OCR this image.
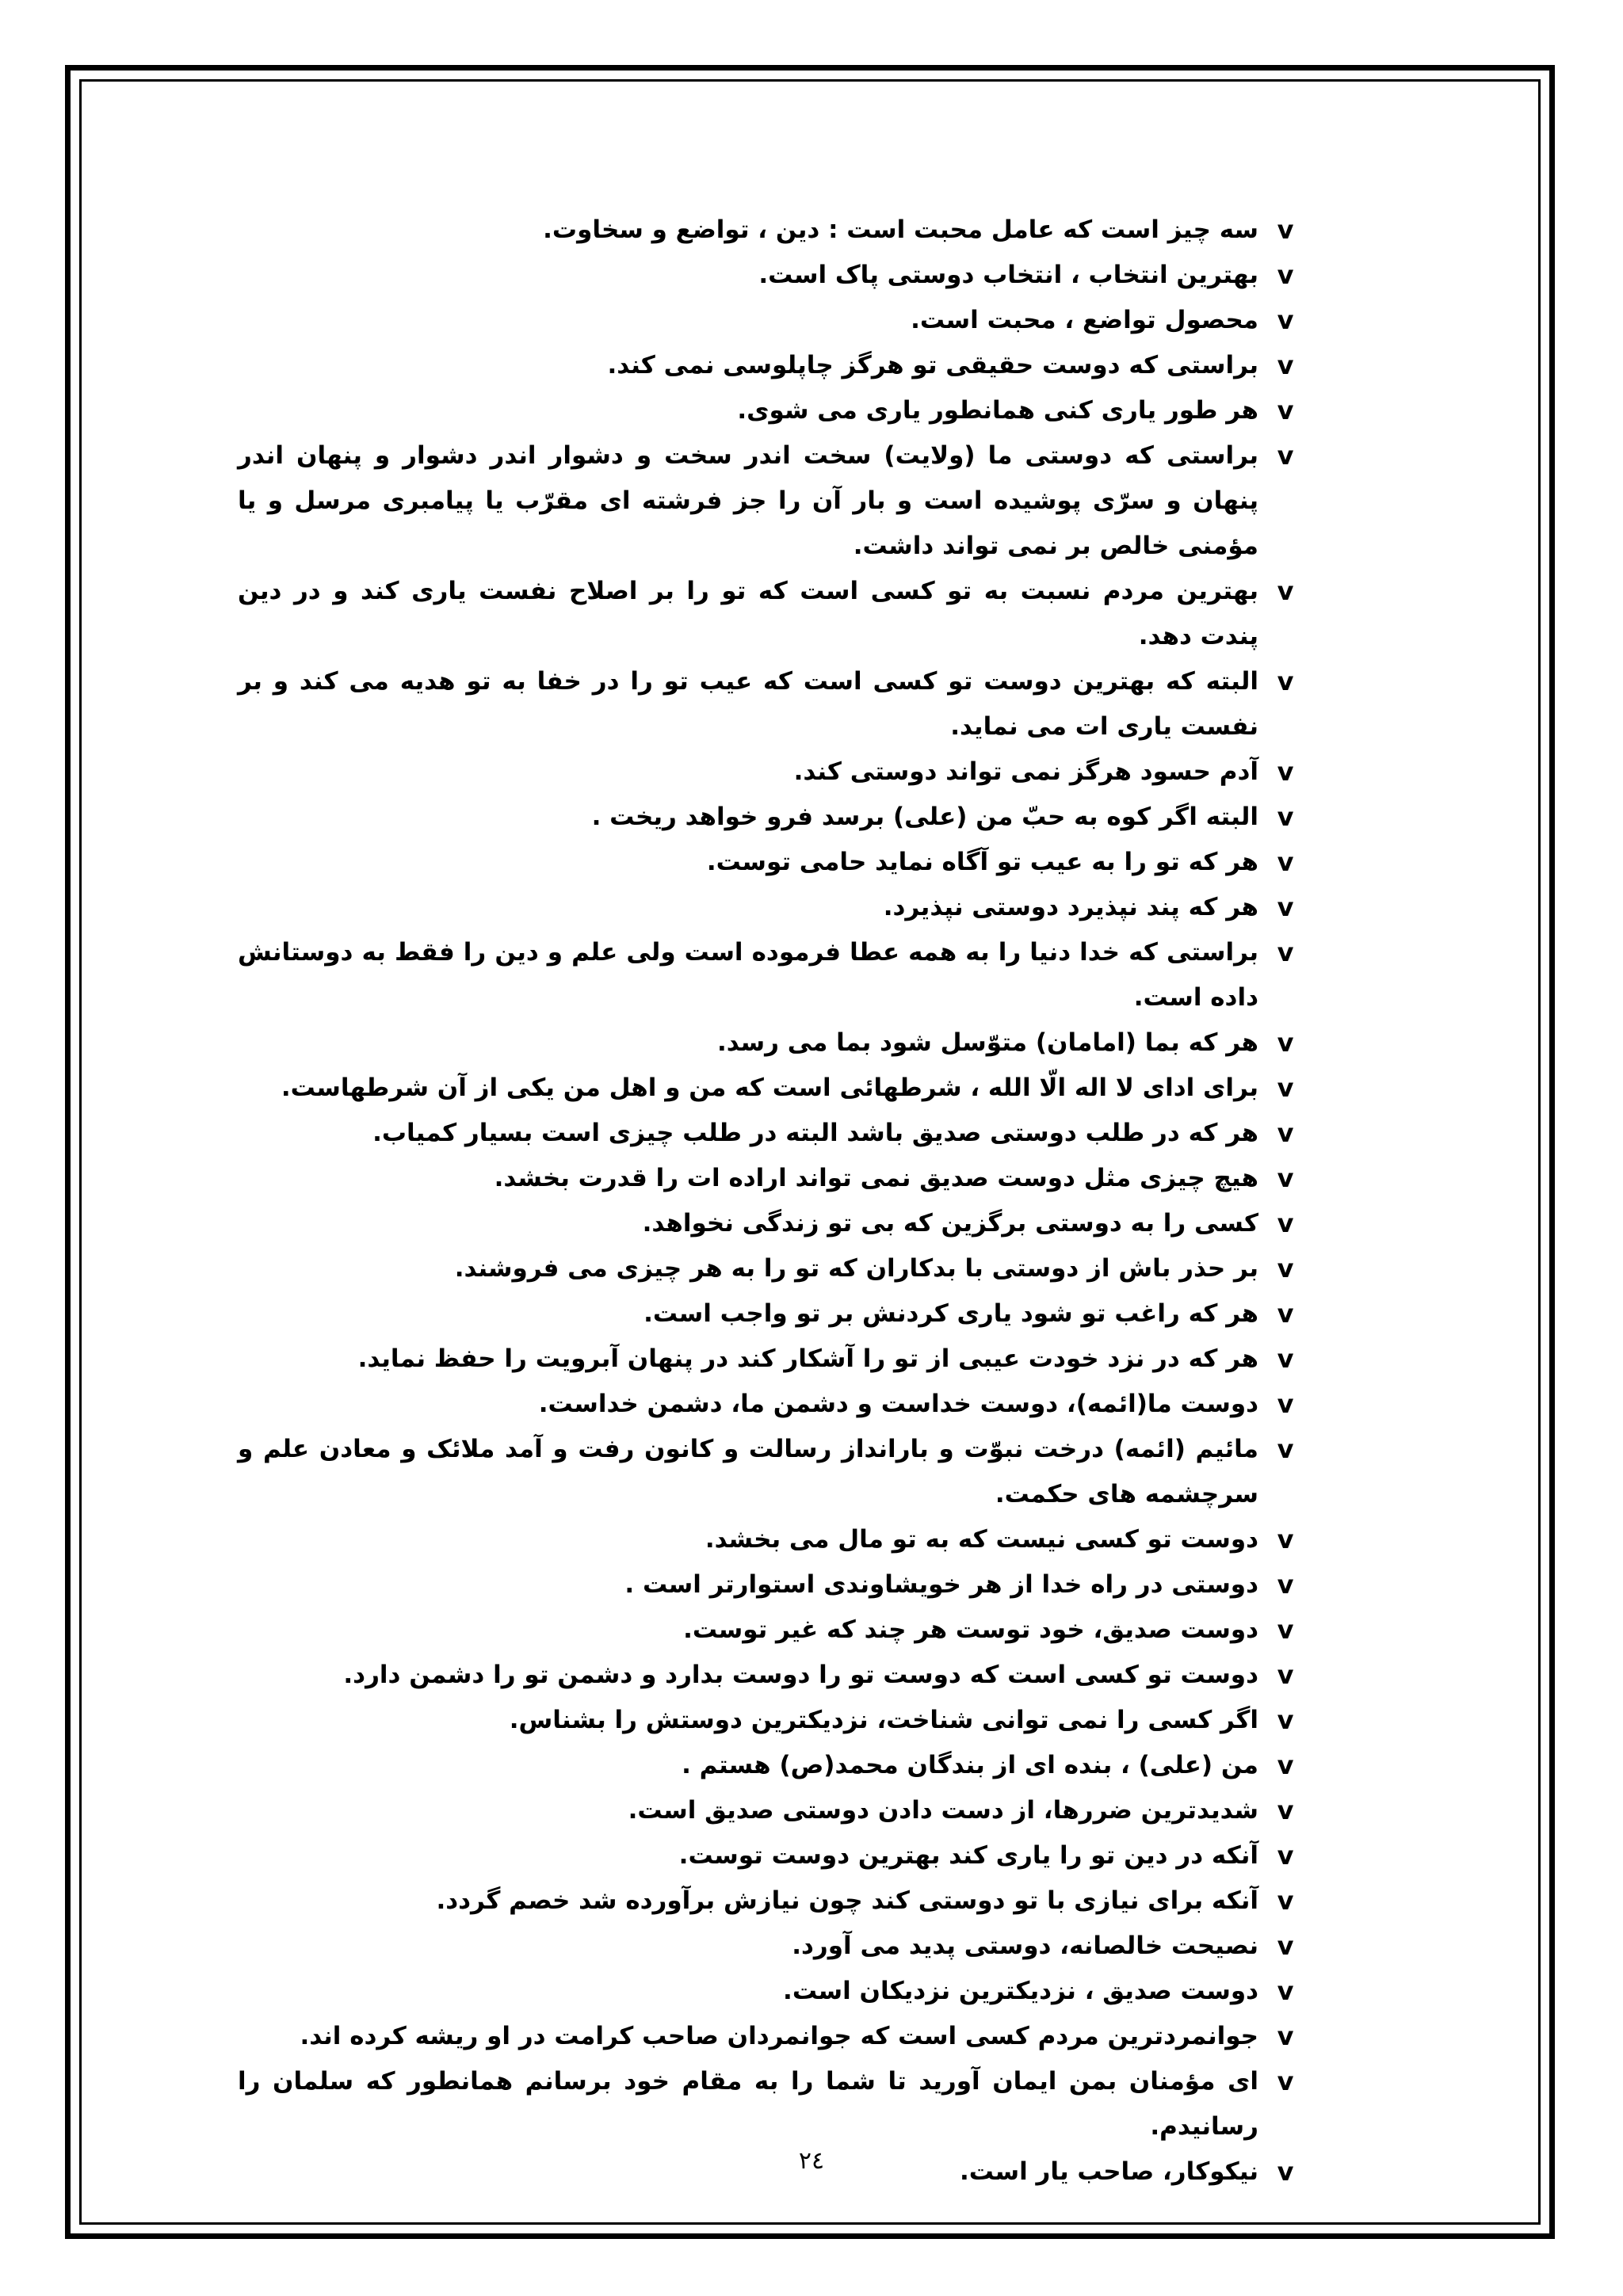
v
سه چیز است که عامل محبت است : دین ، تواضع و سخاوت.
v
بهترین انتخاب ، انتخاب دوستی پاک است.
v
محصول تواضع ، محبت است.
v
براستی که دوست حقیقی تو هرگز چاپلوسی نمی کند.
v
هر طور یاری کنی همانطور یاری می شوی.
v
براستی که دوستی ما (ولایت) سخت اندر سخت و دشوار اندر دشوار و پنهان اندر پنهان و سرّی پوشیده است و بار آن را جز فرشته ای مقرّب یا پیامبری مرسل و یا مؤمنی خالص بر نمی تواند داشت.
v
بهترین مردم نسبت به تو کسی است که تو را بر اصلاح نفست یاری کند و در دین پندت دهد.
v
البته که بهترین دوست تو کسی است که عیب تو را در خفا به تو هدیه می کند و بر نفست یاری ات می نماید.
v
آدم حسود هرگز نمی تواند دوستی کند.
v
البته اگر کوه به حبّ من (علی) برسد فرو خواهد ریخت .
v
هر که تو را به عیب تو آگاه نماید حامی توست.
v
هر که پند نپذیرد دوستی نپذیرد.
v
براستی که خدا دنیا را به همه عطا فرموده است ولی علم و دین را فقط به دوستانش داده است.
v
هر که بما (امامان) متوّسل شود بما می رسد.
v
برای ادای لا اله الّا الله ، شرطهائی است که من و اهل من یکی از آن شرطهاست.
v
هر که در طلب دوستی صدیق باشد البته در طلب چیزی است بسیار کمیاب.
v
هیچ چیزی مثل دوست صدیق نمی تواند اراده ات را قدرت بخشد.
v
کسی را به دوستی برگزین که بی تو زندگی نخواهد.
v
بر حذر باش از دوستی با بدکاران که تو را به هر چیزی می فروشند.
v
هر که راغب تو شود یاری کردنش بر تو واجب است.
v
هر که در نزد خودت عیبی از تو را آشکار کند در پنهان آبرویت را حفظ نماید.
v
دوست ما(ائمه)، دوست خداست و دشمن ما، دشمن خداست.
v
مائیم (ائمه) درخت نبوّت و بارانداز رسالت و کانون رفت و آمد ملائک و معادن علم و سرچشمه های حکمت.
v
دوست تو کسی نیست که به تو مال می بخشد.
v
دوستی در راه خدا از هر خویشاوندی استوارتر است .
v
دوست صدیق، خود توست هر چند که غیر توست.
v
دوست تو کسی است که دوست تو را دوست بدارد و دشمن تو را دشمن دارد.
v
اگر کسی را نمی توانی شناخت، نزدیکترین دوستش را بشناس.
v
من (علی) ، بنده ای از بندگان محمد(ص) هستم .
v
شدیدترین ضررها، از دست دادن دوستی صدیق است.
v
آنکه در دین تو را یاری کند بهترین دوست توست.
v
آنکه برای نیازی با تو دوستی کند چون نیازش برآورده شد خصم گردد.
v
نصیحت خالصانه، دوستی پدید می آورد.
v
دوست صدیق ، نزدیکترین نزدیکان است.
v
جوانمردترین مردم کسی است که جوانمردان صاحب کرامت در او ریشه کرده اند.
v
ای مؤمنان بمن ایمان آورید تا شما را به مقام خود برسانم همانطور که سلمان را رسانیدم.
v
نیکوکار، صاحب یار است.
٢٤
